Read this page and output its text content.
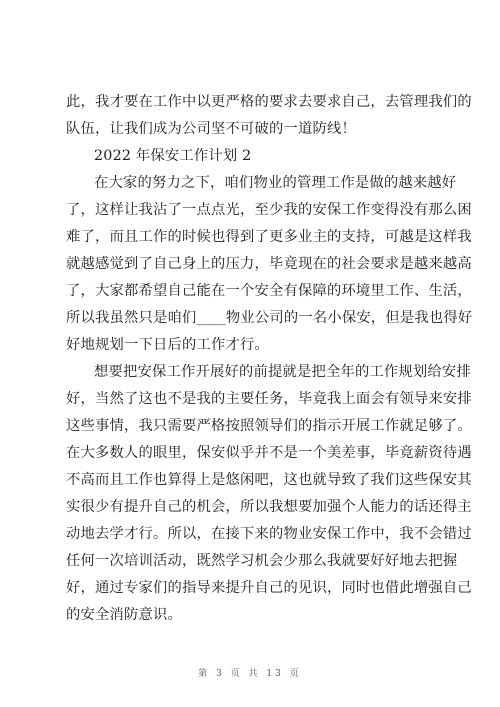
此，我才要在工作中以更严格的要求去要求自己，去管理我们的
队伍，让我们成为公司坚不可破的一道防线！
2022 年保安工作计划 2
在大家的努力之下，咱们物业的管理工作是做的越来越好
了，这样让我沾了一点点光，至少我的安保工作变得没有那么困
难了，而且工作的时候也得到了更多业主的支持，可越是这样我
就越感觉到了自己身上的压力，毕竟现在的社会要求是越来越高
了，大家都希望自己能在一个安全有保障的环境里工作、生活，
所以我虽然只是咱们____物业公司的一名小保安，但是我也得好
好地规划一下日后的工作才行。
想要把安保工作开展好的前提就是把全年的工作规划给安排
好，当然了这也不是我的主要任务，毕竟我上面会有领导来安排
这些事情，我只需要严格按照领导们的指示开展工作就足够了。
在大多数人的眼里，保安似乎并不是一个美差事，毕竟薪资待遇
不高而且工作也算得上是悠闲吧，这也就导致了我们这些保安其
实很少有提升自己的机会，所以我想要加强个人能力的话还得主
动地去学才行。所以，在接下来的物业安保工作中，我不会错过
任何一次培训活动，既然学习机会少那么我就要好好地去把握
好，通过专家们的指导来提升自己的见识，同时也借此增强自己
的安全消防意识。
第 3 页 共 13 页
